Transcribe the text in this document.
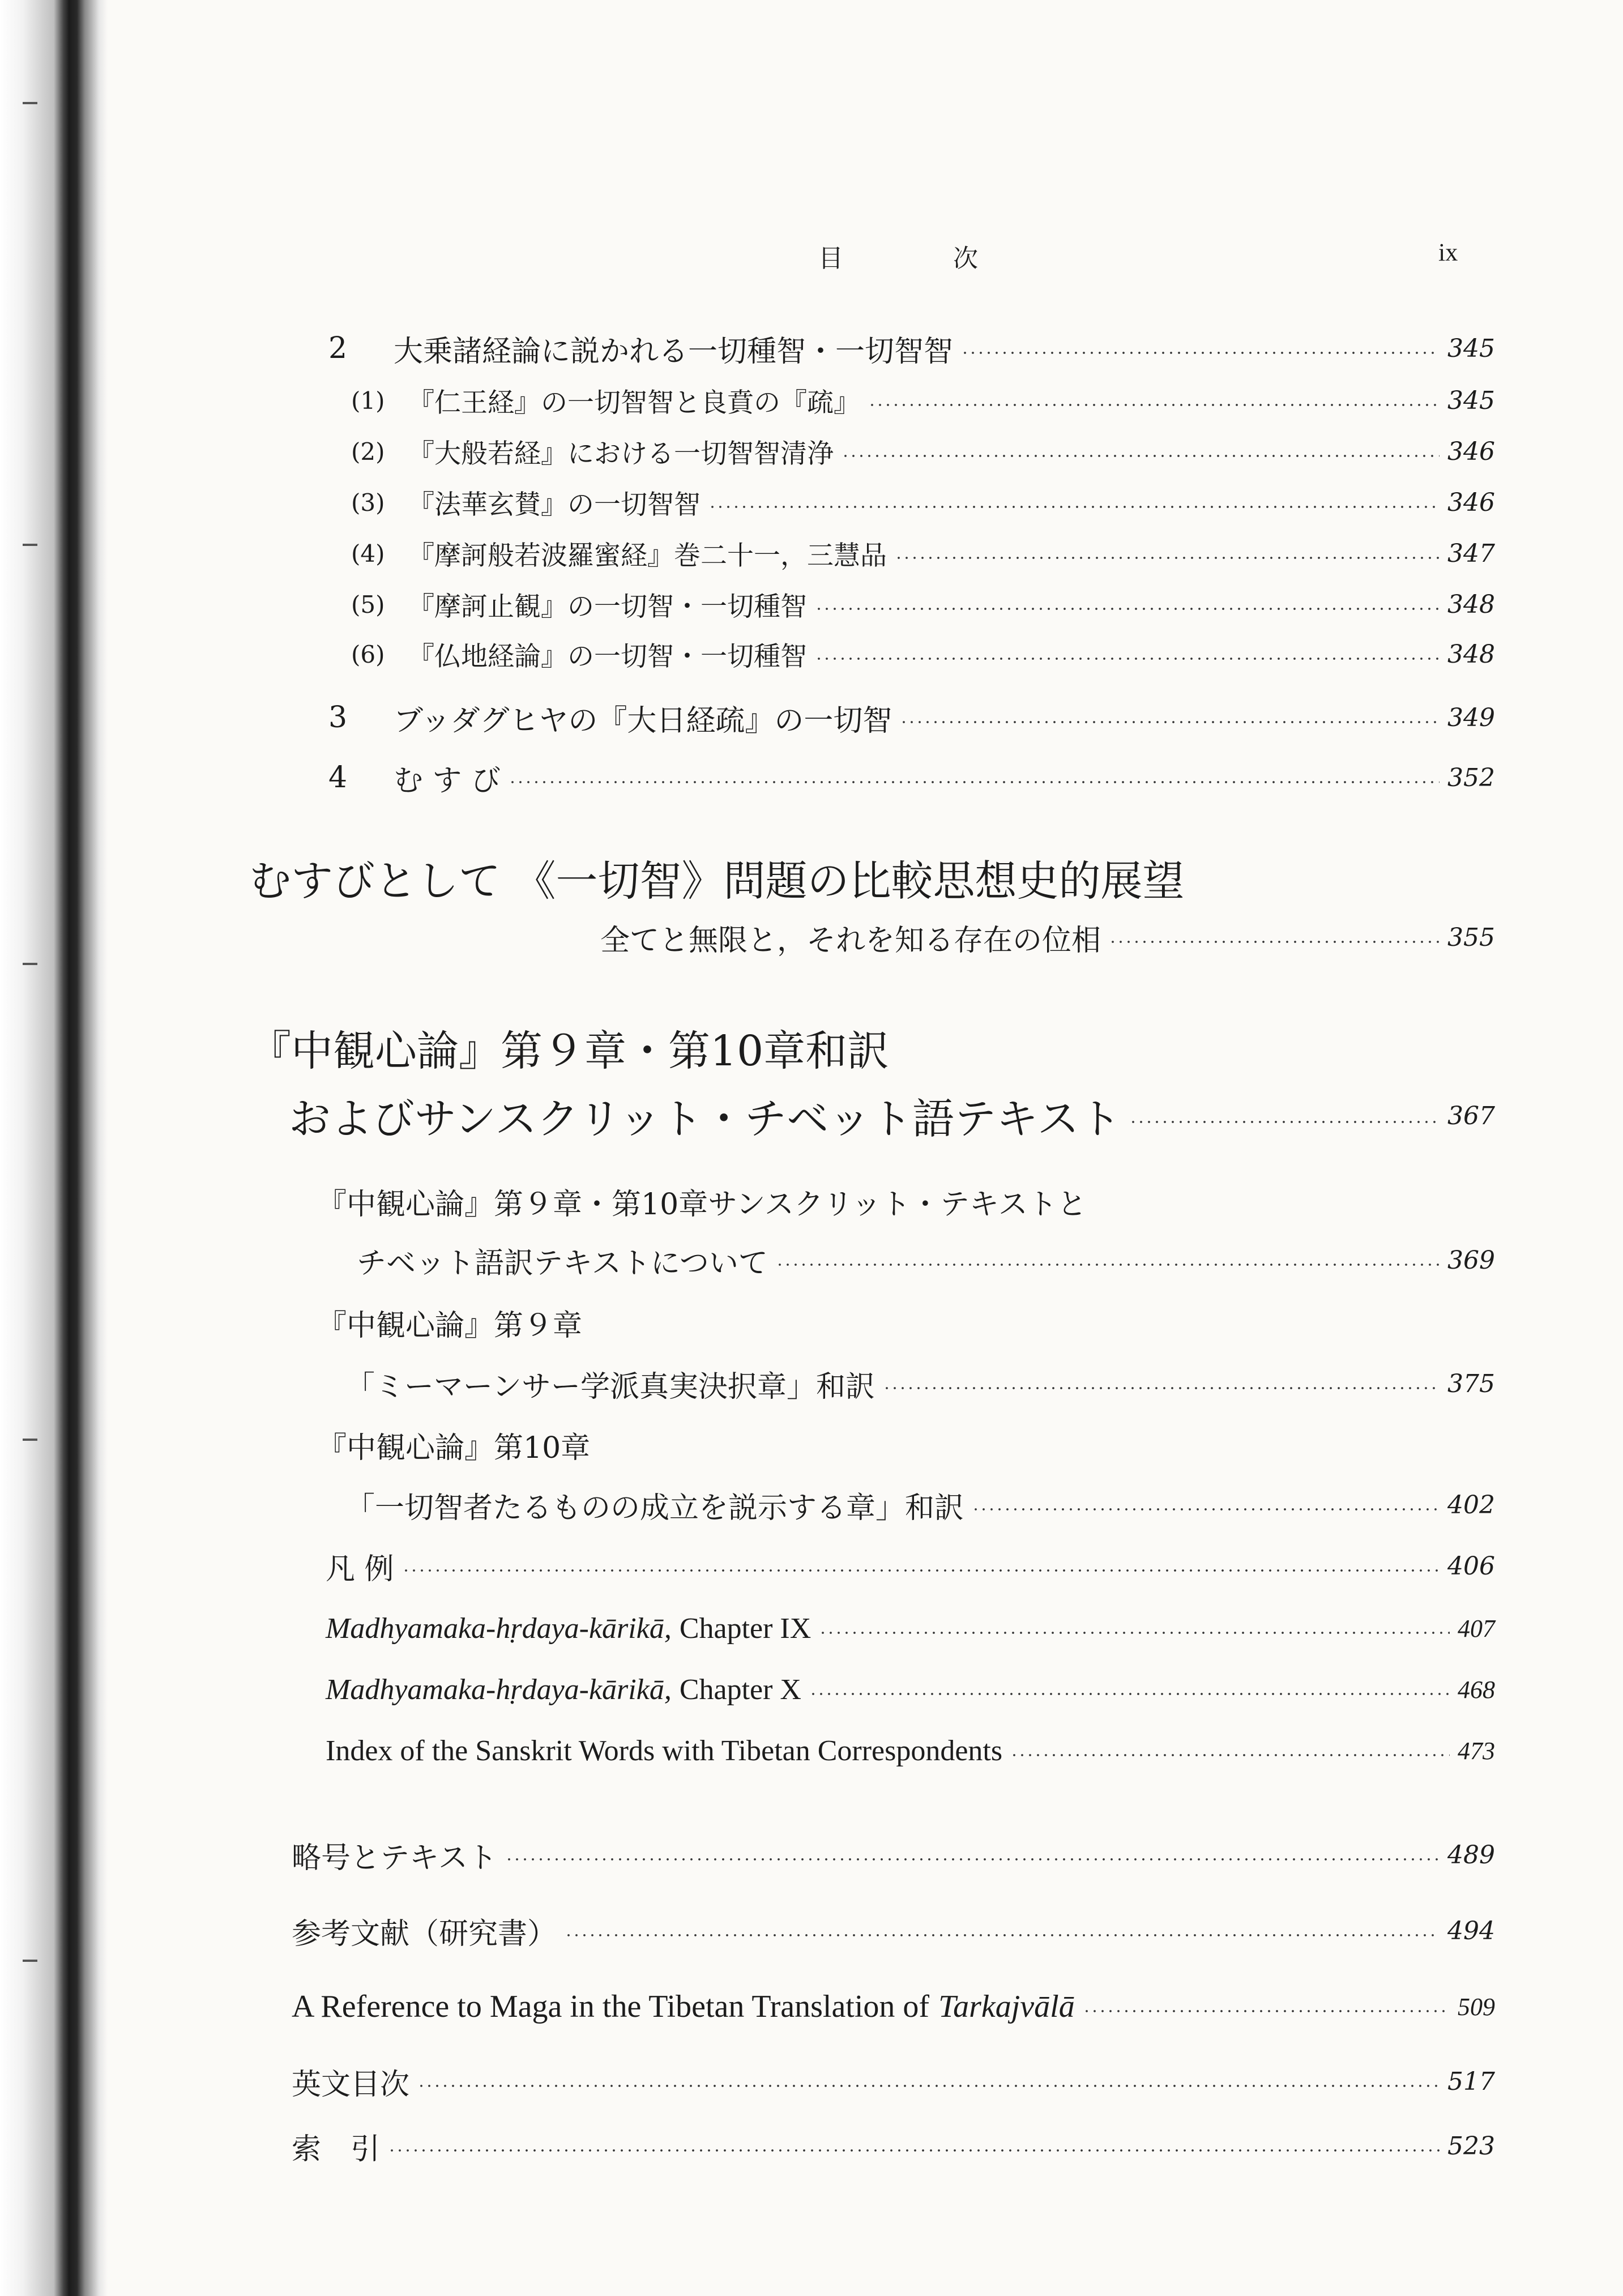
目 次	ix
2	大乗諸経論に説かれる一切種智・一切智智	345
(1) 『仁王経』の一切智智と良賁の『疏』	345
(2) 『大般若経』における一切智智清浄	346
(3) 『法華玄賛』の一切智智	346
(4) 『摩訶般若波羅蜜経』巻二十一，三慧品	347
(5) 『摩訶止観』の一切智・一切種智	348
(6) 『仏地経論』の一切智・一切種智	348
3	ブッダグヒヤの『大日経疏』の一切智	349
4	む す び	352
むすびとして 《一切智》問題の比較思想史的展望
全てと無限と，それを知る存在の位相	355
『中観心論』第９章・第10章和訳
およびサンスクリット・チベット語テキスト	367
『中観心論』第９章・第10章サンスクリット・テキストと
チベット語訳テキストについて	369
『中観心論』第９章
「ミーマーンサー学派真実決択章」和訳	375
『中観心論』第10章
「一切智者たるものの成立を説示する章」和訳	402
凡 例	406
Madhyamaka-hṛdaya-kārikā, Chapter IX	407
Madhyamaka-hṛdaya-kārikā, Chapter X	468
Index of the Sanskrit Words with Tibetan Correspondents	473
略号とテキスト	489
参考文献（研究書）	494
A Reference to Maga in the Tibetan Translation of Tarkajvālā	509
英文目次	517
索　引	523
